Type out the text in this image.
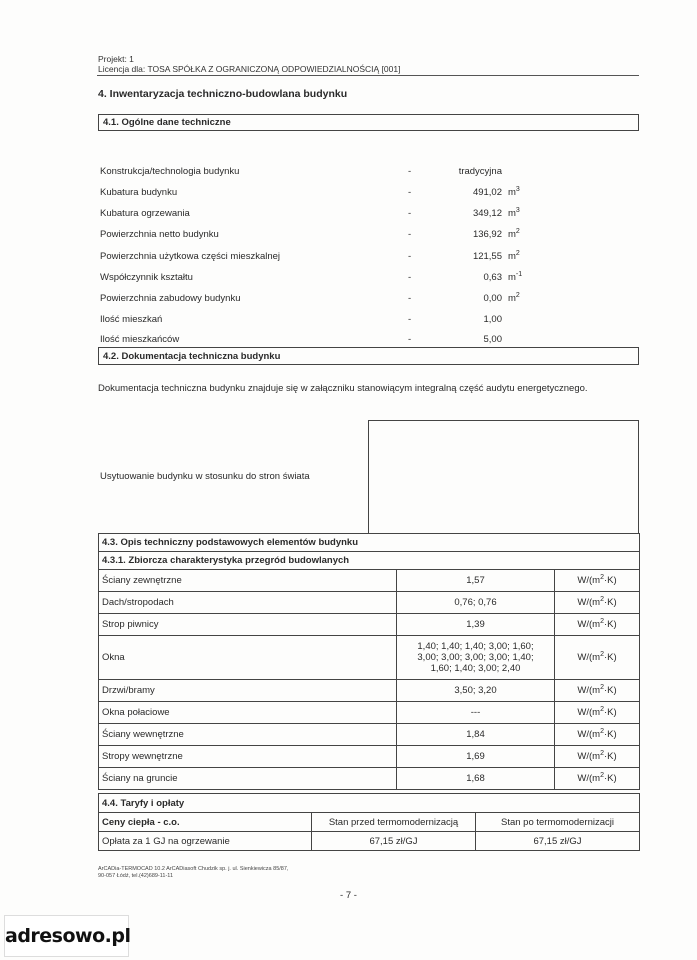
Projekt: 1
Licencja dla: TOSA SPÓŁKA Z OGRANICZONĄ ODPOWIEDZIALNOŚCIĄ [001]
4. Inwentaryzacja techniczno-budowlana budynku
4.1. Ogólne dane techniczne
Konstrukcja/technologia budynku	-	tradycyjna
Kubatura budynku	-	491,02 $m^3$
Kubatura ogrzewania	-	349,12 $m^3$
Powierzchnia netto budynku	-	136,92 $m^2$
Powierzchnia użytkowa części mieszkalnej	-	121,55 $m^2$
Współczynnik kształtu	-	0,63 $m^{-1}$
Powierzchnia zabudowy budynku	-	0,00 $m^2$
Ilość mieszkań	-	1,00
Ilość mieszkańców	-	5,00
4.2. Dokumentacja techniczna budynku
Dokumentacja techniczna budynku znajduje się w załączniku stanowiącym integralną część audytu energetycznego.
Usytuowanie budynku w stosunku do stron świata
4.3. Opis techniczny podstawowych elementów budynku		
4.3.1. Zbiorcza charakterystyka przegród budowlanych		
Ściany zewnętrzne	1,57	$W/(m^2\cdot K)$
Dach/stropodach	0,76; 0,76	$W/(m^2\cdot K)$
Strop piwnicy	1,39	$W/(m^2\cdot K)$
Okna	1,40; 1,40; 1,40; 3,00; 1,60; 3,00; 3,00; 3,00; 3,00; 1,40; 1,60; 1,40; 3,00; 2,40	$W/(m^2\cdot K)$
Drzwi/bramy	3,50; 3,20	$W/(m^2\cdot K)$
Okna połaciowe	---	$W/(m^2\cdot K)$
Ściany wewnętrzne	1,84	$W/(m^2\cdot K)$
Stropy wewnętrzne	1,69	$W/(m^2\cdot K)$
Ściany na gruncie	1,68	$W/(m^2\cdot K)$
4.4. Taryfy i opłaty		
Ceny ciepła - c.o.	Stan przed termomodernizacją	Stan po termomodernizacji
Opłata za 1 GJ na ogrzewanie	67,15 zł/GJ	67,15 zł/GJ
ArCADia-TERMOCAD 10.2 ArCADiasoft Chudzik sp. j. ul. Sienkiewicza 85/87,
90-057 Łódź, tel.(42)689-11-11
- 7 -
adresowo.pl
